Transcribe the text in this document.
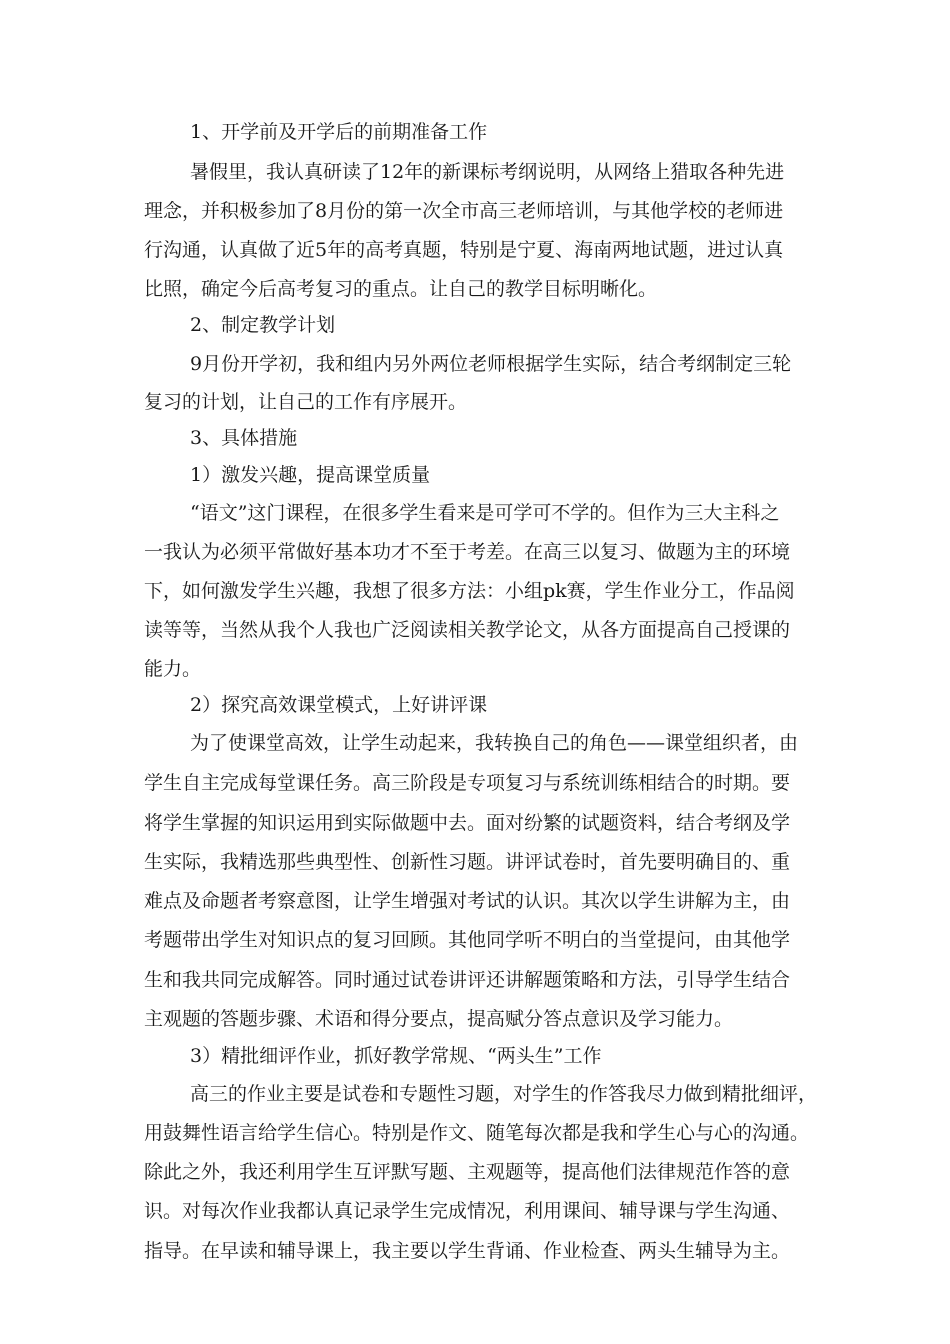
1、开学前及开学后的前期准备工作
暑假里，我认真研读了12年的新课标考纲说明，从网络上猎取各种先进
理念，并积极参加了8月份的第一次全市高三老师培训，与其他学校的老师进
行沟通，认真做了近5年的高考真题，特别是宁夏、海南两地试题，进过认真
比照，确定今后高考复习的重点。让自己的教学目标明晰化。
2、制定教学计划
9月份开学初，我和组内另外两位老师根据学生实际，结合考纲制定三轮
复习的计划，让自己的工作有序展开。
3、具体措施
1）激发兴趣，提高课堂质量
“语文”这门课程，在很多学生看来是可学可不学的。但作为三大主科之
一我认为必须平常做好基本功才不至于考差。在高三以复习、做题为主的环境
下，如何激发学生兴趣，我想了很多方法：小组pk赛，学生作业分工，作品阅
读等等，当然从我个人我也广泛阅读相关教学论文，从各方面提高自己授课的
能力。
2）探究高效课堂模式，上好讲评课
为了使课堂高效，让学生动起来，我转换自己的角色——课堂组织者，由
学生自主完成每堂课任务。高三阶段是专项复习与系统训练相结合的时期。要
将学生掌握的知识运用到实际做题中去。面对纷繁的试题资料，结合考纲及学
生实际，我精选那些典型性、创新性习题。讲评试卷时，首先要明确目的、重
难点及命题者考察意图，让学生增强对考试的认识。其次以学生讲解为主，由
考题带出学生对知识点的复习回顾。其他同学听不明白的当堂提问，由其他学
生和我共同完成解答。同时通过试卷讲评还讲解题策略和方法，引导学生结合
主观题的答题步骤、术语和得分要点，提高赋分答点意识及学习能力。
3）精批细评作业，抓好教学常规、“两头生”工作
高三的作业主要是试卷和专题性习题，对学生的作答我尽力做到精批细评，
用鼓舞性语言给学生信心。特别是作文、随笔每次都是我和学生心与心的沟通。
除此之外，我还利用学生互评默写题、主观题等，提高他们法律规范作答的意
识。对每次作业我都认真记录学生完成情况，利用课间、辅导课与学生沟通、
指导。在早读和辅导课上，我主要以学生背诵、作业检查、两头生辅导为主。
